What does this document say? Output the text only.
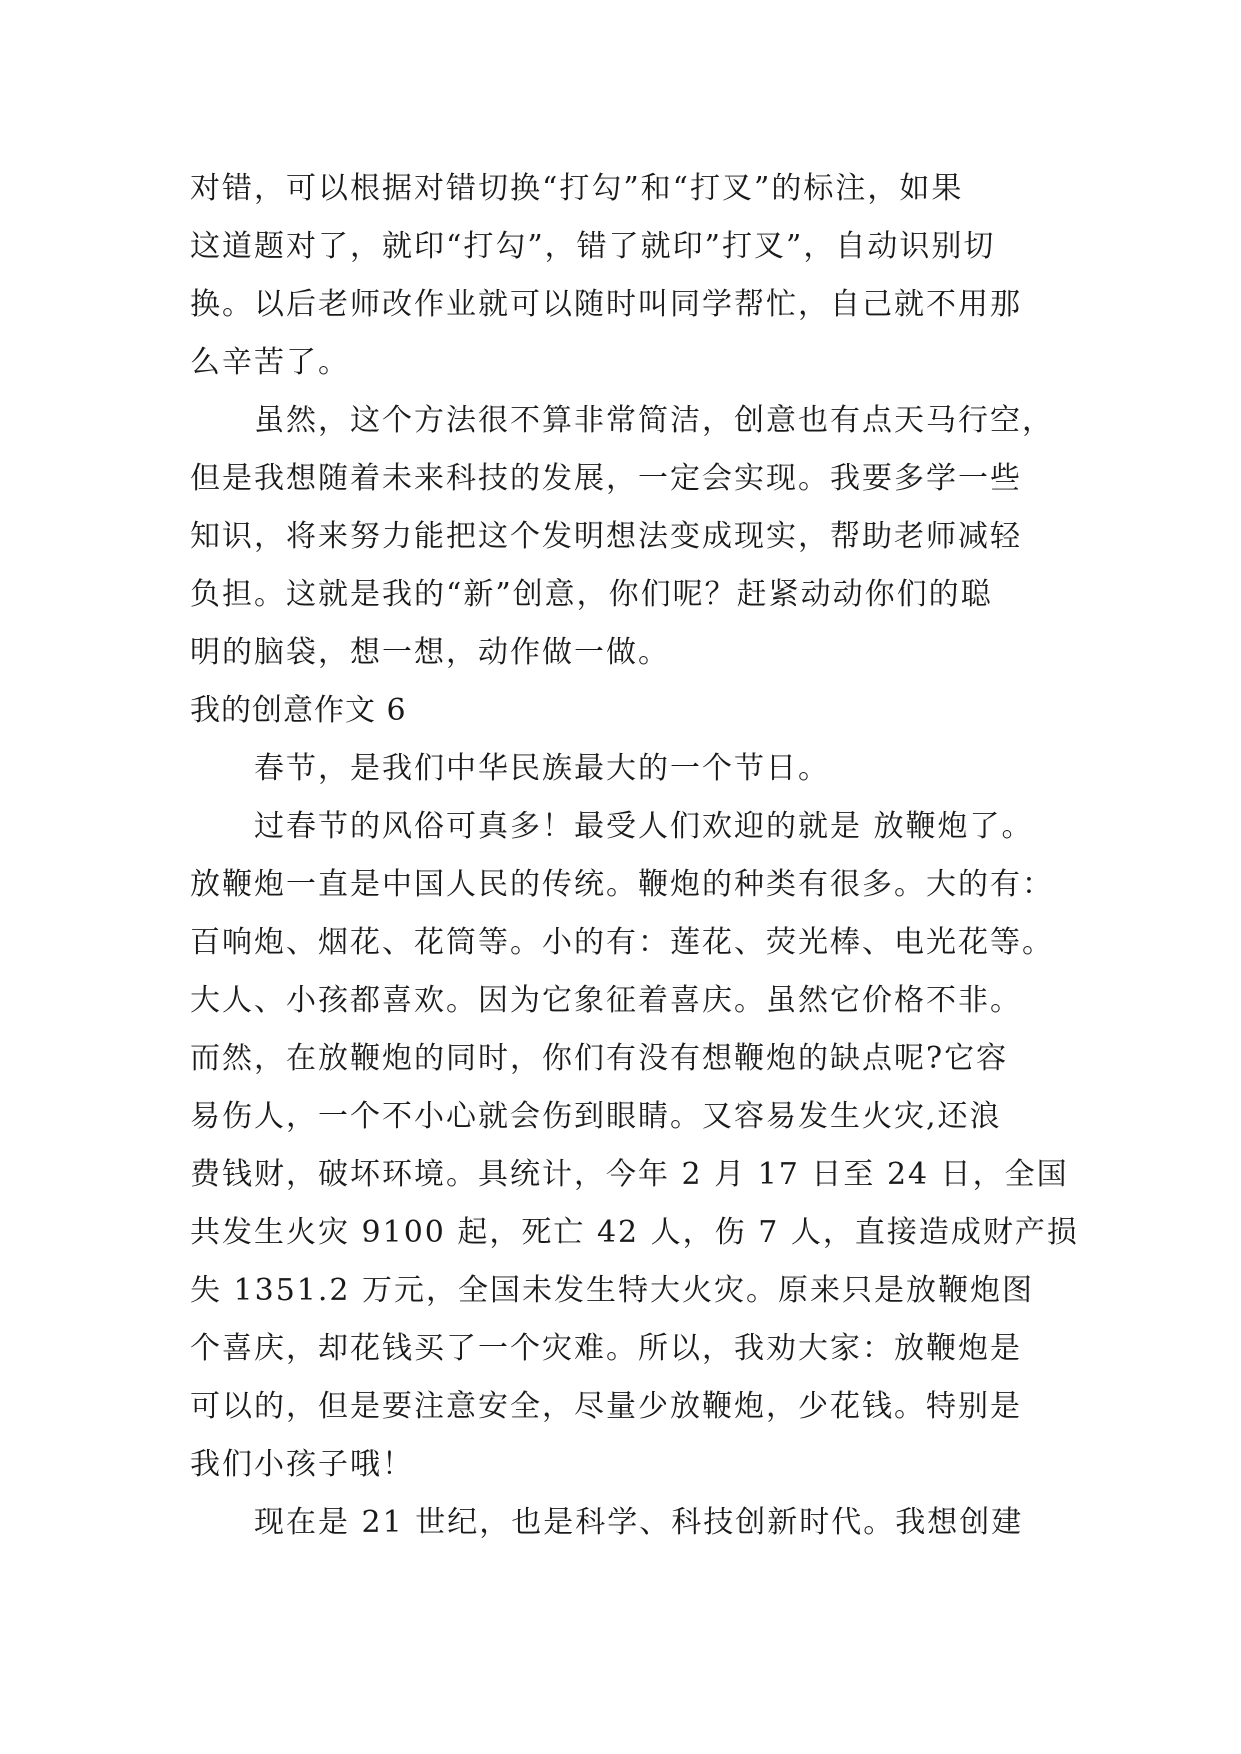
对错，可以根据对错切换“打勾”和“打叉”的标注，如果
这道题对了，就印“打勾”，错了就印”打叉”，自动识别切
换。以后老师改作业就可以随时叫同学帮忙，自己就不用那
么辛苦了。
虽然，这个方法很不算非常简洁，创意也有点天马行空，
但是我想随着未来科技的发展，一定会实现。我要多学一些
知识，将来努力能把这个发明想法变成现实，帮助老师减轻
负担。这就是我的“新”创意，你们呢？赶紧动动你们的聪
明的脑袋，想一想，动作做一做。
我的创意作文 6
春节，是我们中华民族最大的一个节日。
过春节的风俗可真多！最受人们欢迎的就是 放鞭炮了。
放鞭炮一直是中国人民的传统。鞭炮的种类有很多。大的有：
百响炮、烟花、花筒等。小的有：莲花、荧光棒、电光花等。
大人、小孩都喜欢。因为它象征着喜庆。虽然它价格不非。
而然，在放鞭炮的同时，你们有没有想鞭炮的缺点呢?它容
易伤人，一个不小心就会伤到眼睛。又容易发生火灾,还浪
费钱财，破坏环境。具统计，今年 2 月 17 日至 24 日，全国
共发生火灾 9100 起，死亡 42 人，伤 7 人，直接造成财产损
失 1351.2 万元，全国未发生特大火灾。原来只是放鞭炮图
个喜庆，却花钱买了一个灾难。所以，我劝大家：放鞭炮是
可以的，但是要注意安全，尽量少放鞭炮，少花钱。特别是
我们小孩子哦！
现在是 21 世纪，也是科学、科技创新时代。我想创建
